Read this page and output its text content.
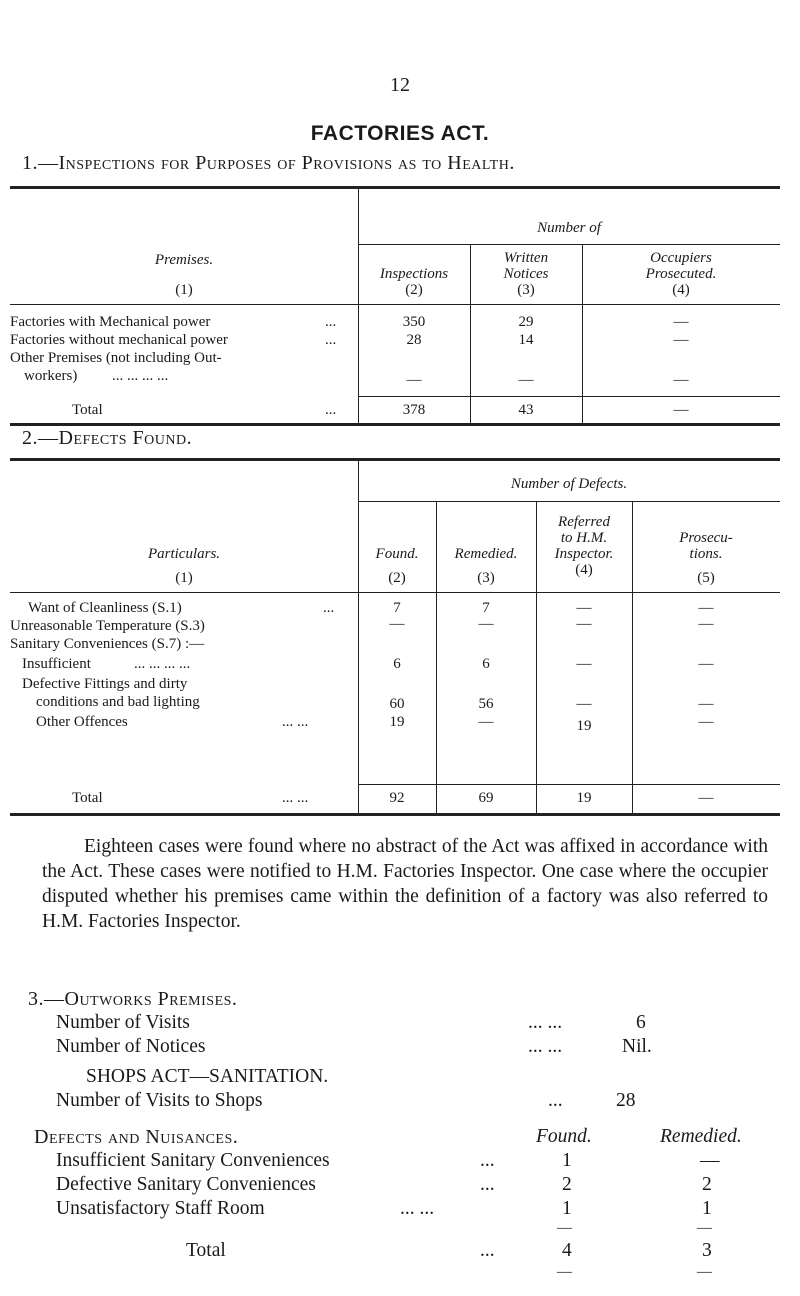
12
FACTORIES ACT.
1.—Inspections for Purposes of Provisions as to Health.
Number of
Premises.
(1)
Inspections
(2)
Written
Notices
(3)
Occupiers
Prosecuted.
(4)
Factories with Mechanical power	...	350	29	—
Factories without mechanical power	...	28	14	—
Other Premises (not including Out-
workers) ... ... ... ...	—	—	—
Total	...	378	43	—
2.—Defects Found.
Number of Defects.
Particulars.
(1)
Found.
(2)
Remedied.
(3)
Referred
to H.M.
Inspector.
(4)
Prosecu-
tions.
(5)
Want of Cleanliness (S.1)	...	7	7	—	—
Unreasonable Temperature (S.3)	—	—	—	—
Sanitary Conveniences (S.7) :—
Insufficient	... ... ... ...	6	6	—	—
Defective Fittings and dirty
conditions and bad lighting	60	56	—	—
Other Offences	... ...	19	—	19	—
Total	... ...	92	69	19	—
Eighteen cases were found where no abstract of the Act was affixed in accordance with the Act. These cases were notified to H.M. Factories Inspector. One case where the occupier disputed whether his premises came within the definition of a factory was also referred to H.M. Factories Inspector.
3.—Outworks Premises.
Number of Visits	... ...	6
Number of Notices	... ...	Nil.
SHOPS ACT—SANITATION.
Number of Visits to Shops	...	28
Defects and Nuisances.	Found.	Remedied.
Insufficient Sanitary Conveniences	...	1	—
Defective Sanitary Conveniences	...	2	2
Unsatisfactory Staff Room	... ...	1	1
—	—
Total	...	4	3
—	—
